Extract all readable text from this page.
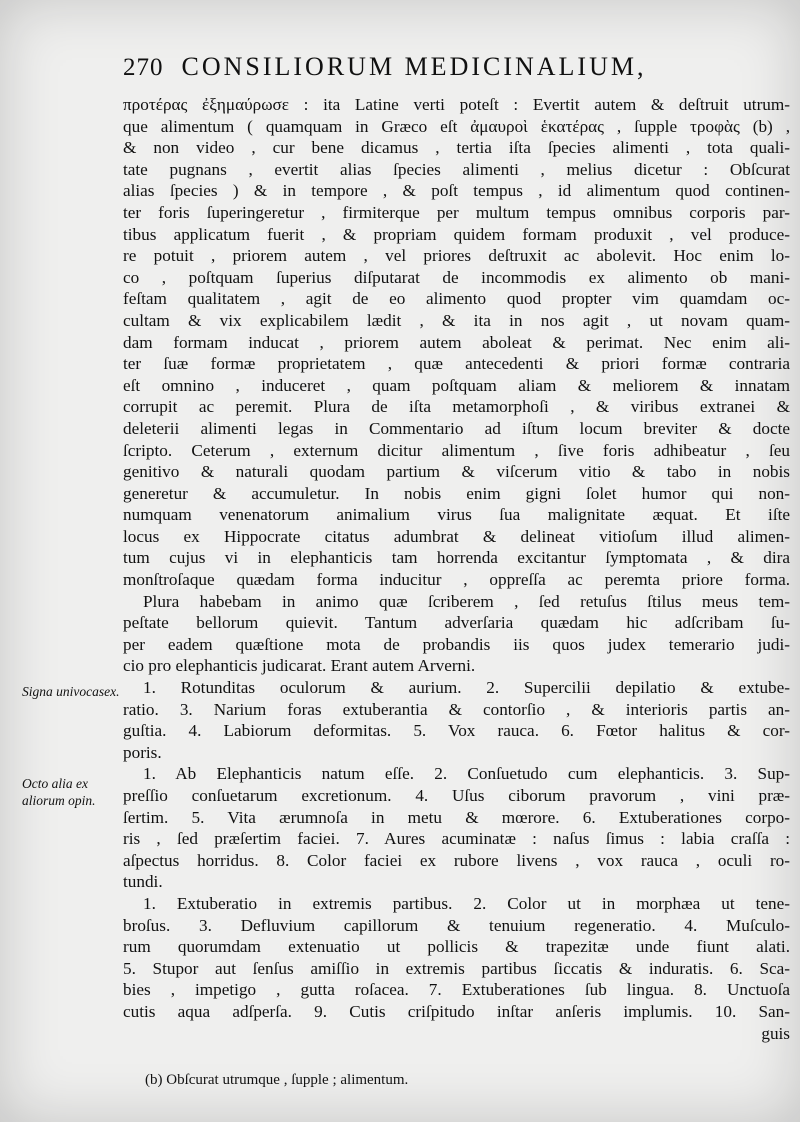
270 CONSILIORUM MEDICINALIUM,
προτέρας ἐξημαύρωσε : ita Latine verti poteſt : Evertit autem & deſtruit utrum-
que alimentum ( quamquam in Græco eſt ἀμαυροὶ ἑκατέρας , ſupple τροφὰς (b) ,
& non video , cur bene dicamus , tertia iſta ſpecies alimenti , tota quali-
tate pugnans , evertit alias ſpecies alimenti , melius dicetur : Obſcurat
alias ſpecies ) & in tempore , & poſt tempus , id alimentum quod continen-
ter foris ſuperingeretur , firmiterque per multum tempus omnibus corporis par-
tibus applicatum fuerit , & propriam quidem formam produxit , vel produce-
re potuit , priorem autem , vel priores deſtruxit ac abolevit. Hoc enim lo-
co , poſtquam ſuperius diſputarat de incommodis ex alimento ob mani-
feſtam qualitatem , agit de eo alimento quod propter vim quamdam oc-
cultam & vix explicabilem lædit , & ita in nos agit , ut novam quam-
dam formam inducat , priorem autem aboleat & perimat. Nec enim ali-
ter ſuæ formæ proprietatem , quæ antecedenti & priori formæ contraria
eſt omnino , induceret , quam poſtquam aliam & meliorem & innatam
corrupit ac peremit. Plura de iſta metamorphoſi , & viribus extranei &
deleterii alimenti legas in Commentario ad iſtum locum breviter & docte
ſcripto. Ceterum , externum dicitur alimentum , ſive foris adhibeatur , ſeu
genitivo & naturali quodam partium & viſcerum vitio & tabo in nobis
generetur & accumuletur. In nobis enim gigni ſolet humor qui non-
numquam venenatorum animalium virus ſua malignitate æquat. Et iſte
locus ex Hippocrate citatus adumbrat & delineat vitioſum illud alimen-
tum cujus vi in elephanticis tam horrenda excitantur ſymptomata , & dira
monſtroſaque quædam forma inducitur , oppreſſa ac peremta priore forma.
Plura habebam in animo quæ ſcriberem , ſed retuſus ſtilus meus tem-
peſtate bellorum quievit. Tantum adverſaria quædam hic adſcribam ſu-
per eadem quæſtione mota de probandis iis quos judex temerario judi-
cio pro elephanticis judicarat. Erant autem Arverni.
1. Rotunditas oculorum & aurium. 2. Supercilii depilatio & extube-
ratio. 3. Narium foras extuberantia & contorſio , & interioris partis an-
guſtia. 4. Labiorum deformitas. 5. Vox rauca. 6. Fœtor halitus & cor-
poris.
1. Ab Elephanticis natum eſſe. 2. Conſuetudo cum elephanticis. 3. Sup-
preſſio conſuetarum excretionum. 4. Uſus ciborum pravorum , vini præ-
ſertim. 5. Vita ærumnoſa in metu & mœrore. 6. Extuberationes corpo-
ris , ſed præſertim faciei. 7. Aures acuminatæ : naſus ſimus : labia craſſa :
aſpectus horridus. 8. Color faciei ex rubore livens , vox rauca , oculi ro-
tundi.
1. Extuberatio in extremis partibus. 2. Color ut in morphæa ut tene-
broſus. 3. Defluvium capillorum & tenuium regeneratio. 4. Muſculo-
rum quorumdam extenuatio ut pollicis & trapezitæ unde fiunt alati.
5. Stupor aut ſenſus amiſſio in extremis partibus ſiccatis & induratis. 6. Sca-
bies , impetigo , gutta roſacea. 7. Extuberationes ſub lingua. 8. Unctuoſa
cutis aqua adſperſa. 9. Cutis criſpitudo inſtar anſeris implumis. 10. San-
guis
Signa univocasex.
Octo alia ex aliorum opin.
(b) Obſcurat utrumque , ſupple ; alimentum.
